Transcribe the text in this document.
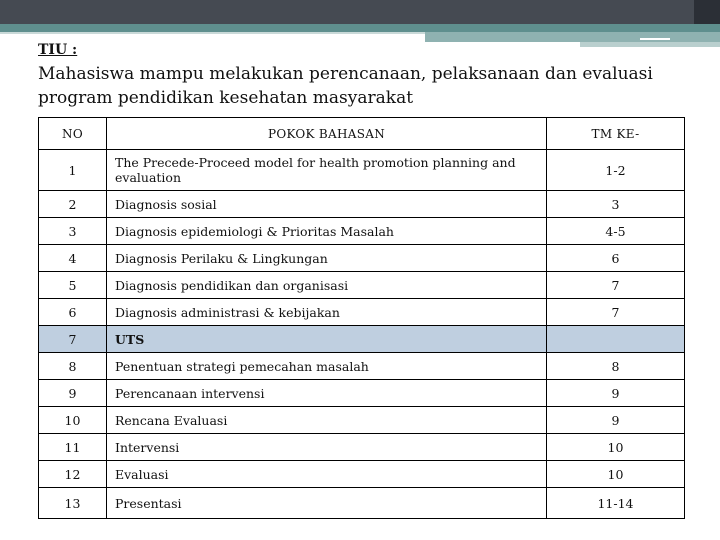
TIU :
Mahasiswa mampu melakukan perencanaan, pelaksanaan dan evaluasi program pendidikan kesehatan masyarakat
NO	POKOK BAHASAN	TM KE-
1	The Precede-Proceed model for health promotion planning and evaluation	1-2
2	Diagnosis sosial	3
3	Diagnosis epidemiologi & Prioritas Masalah	4-5
4	Diagnosis Perilaku & Lingkungan	6
5	Diagnosis pendidikan dan organisasi	7
6	Diagnosis administrasi & kebijakan	7
7	UTS	
8	Penentuan strategi pemecahan masalah	8
9	Perencanaan intervensi	9
10	Rencana Evaluasi	9
11	Intervensi	10
12	Evaluasi	10
13	Presentasi	11-14
